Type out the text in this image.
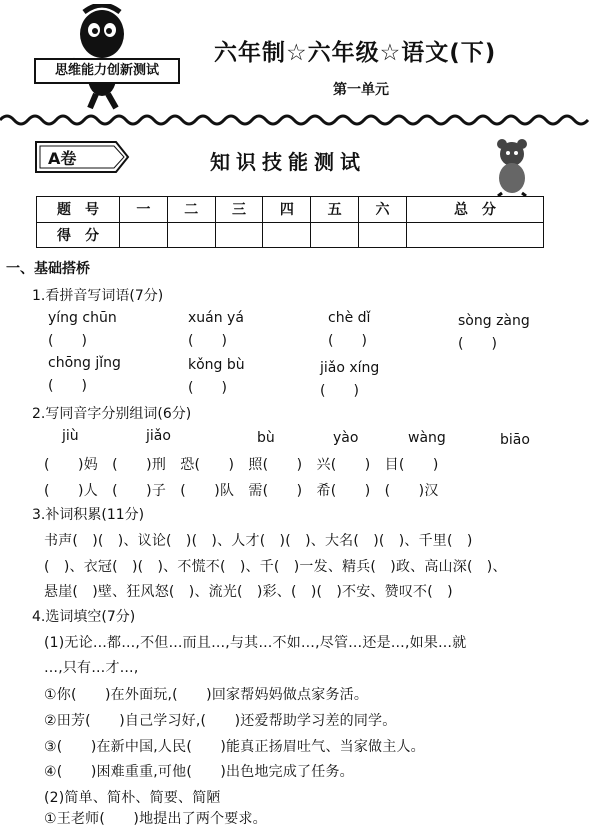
思维能力创新测试
六年制☆六年级☆语文(下)
第一单元
A卷	知识技能测试
题　号	一	二	三	四	五	六	总　分
得　分							
一、基础搭桥
1.看拼音写词语(7分)
yíng chūn	xuán yá	chè dǐ	sòng zàng
(　　)	(　　)	(　　)	(　　)
chōng jǐng	kǒng bù	jiǎo xíng
(　　)	(　　)	(　　)
2.写同音字分别组词(6分)
jiù	jiǎo	bù	yào	wàng	biāo
(　　)妈　(　　)刑　恐(　　)　照(　　)　兴(　　)　目(　　)
(　　)人　(　　)子　(　　)队　需(　　)　希(　　)　(　　)汉
3.补词积累(11分)
书声(　)(　)、议论(　)(　)、人才(　)(　)、大名(　)(　)、千里(　)
(　)、衣冠(　)(　)、不慌不(　)、千(　)一发、精兵(　)政、高山深(　)、
悬崖(　)壁、狂风怒(　)、流光(　)彩、(　)(　)不安、赞叹不(　)
4.选词填空(7分)
(1)无论…都…,不但…而且…,与其…不如…,尽管…还是…,如果…就
…,只有…才…,
①你(　　)在外面玩,(　　)回家帮妈妈做点家务活。
②田芳(　　)自己学习好,(　　)还爱帮助学习差的同学。
③(　　)在新中国,人民(　　)能真正扬眉吐气、当家做主人。
④(　　)困难重重,可他(　　)出色地完成了任务。
(2)简单、简朴、简要、简陋
①王老师(　　)地提出了两个要求。
